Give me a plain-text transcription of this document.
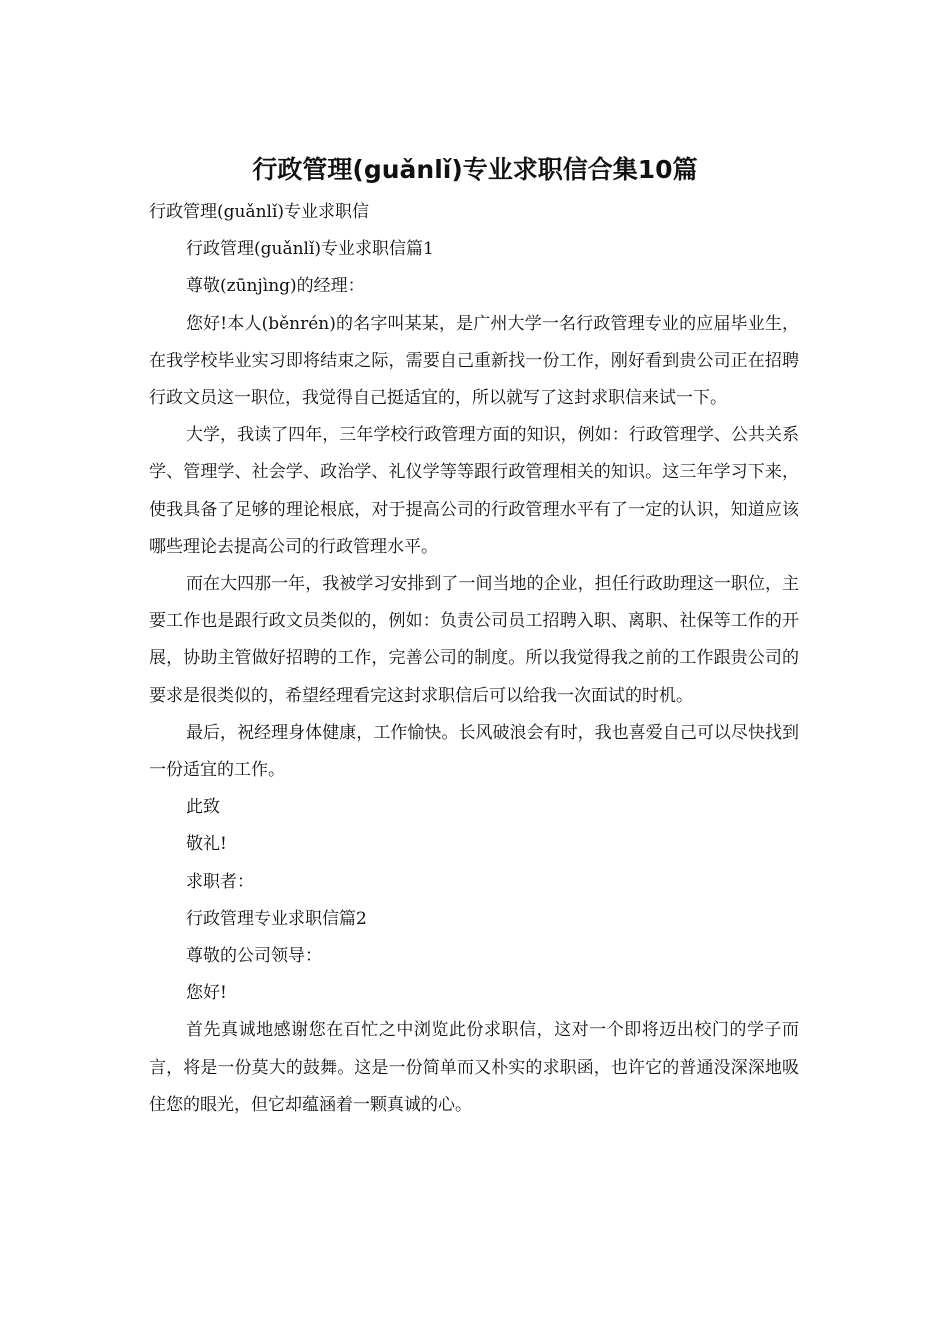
行政管理(guǎnlǐ)专业求职信合集10篇

行政管理(guǎnlǐ)专业求职信

行政管理(guǎnlǐ)专业求职信篇1

尊敬(zūnjìng)的经理：

您好!本人(běnrén)的名字叫某某，是广州大学一名行政管理专业的应届毕业生，在我学校毕业实习即将结束之际，需要自己重新找一份工作，刚好看到贵公司正在招聘行政文员这一职位，我觉得自己挺适宜的，所以就写了这封求职信来试一下。

大学，我读了四年，三年学校行政管理方面的知识，例如：行政管理学、公共关系学、管理学、社会学、政治学、礼仪学等等跟行政管理相关的知识。这三年学习下来，使我具备了足够的理论根底，对于提高公司的行政管理水平有了一定的认识，知道应该哪些理论去提高公司的行政管理水平。

而在大四那一年，我被学习安排到了一间当地的企业，担任行政助理这一职位，主要工作也是跟行政文员类似的，例如：负责公司员工招聘入职、离职、社保等工作的开展，协助主管做好招聘的工作，完善公司的制度。所以我觉得我之前的工作跟贵公司的要求是很类似的，希望经理看完这封求职信后可以给我一次面试的时机。

最后，祝经理身体健康，工作愉快。长风破浪会有时，我也喜爱自己可以尽快找到一份适宜的工作。

此致

敬礼!

求职者：

行政管理专业求职信篇2

尊敬的公司领导：

您好!

首先真诚地感谢您在百忙之中浏览此份求职信，这对一个即将迈出校门的学子而言，将是一份莫大的鼓舞。这是一份简单而又朴实的求职函，也许它的普通没深深地吸住您的眼光，但它却蕴涵着一颗真诚的心。
